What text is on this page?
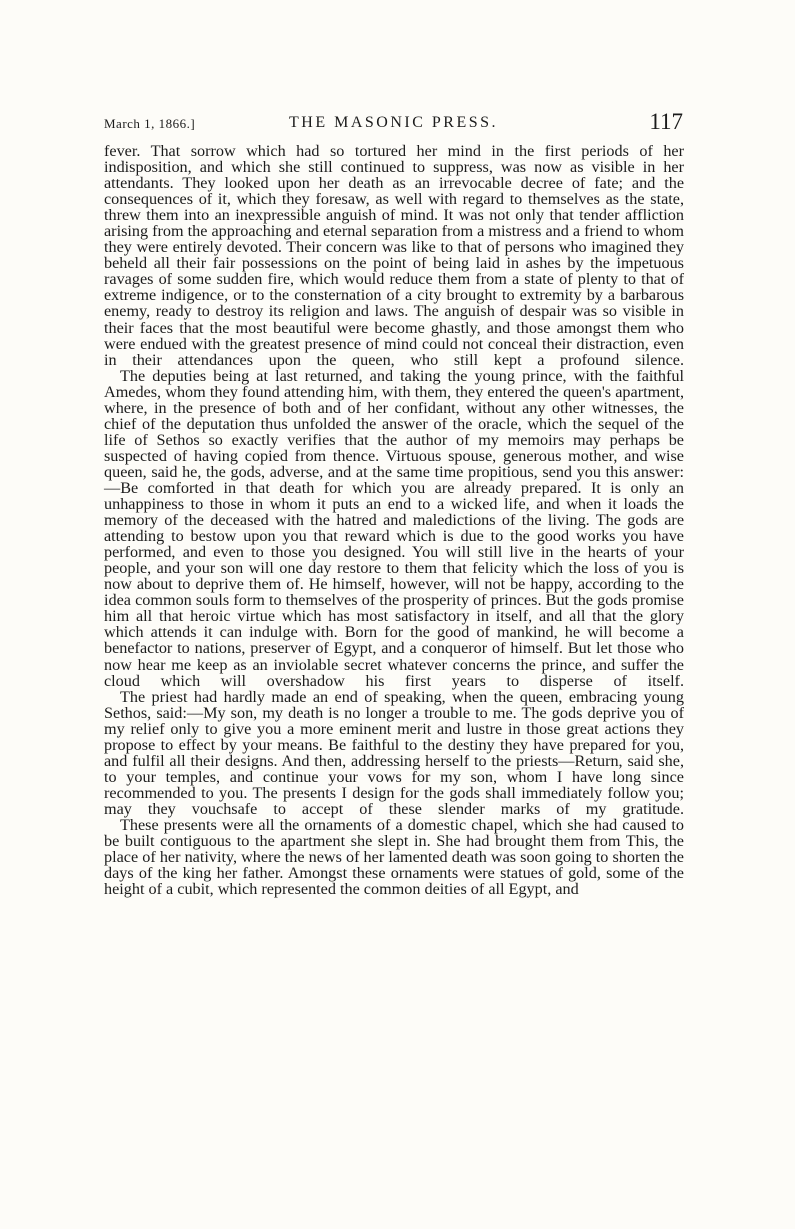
March 1, 1866.]	THE MASONIC PRESS.	117

fever. That sorrow which had so tortured her mind in the first periods of her indisposition, and which she still continued to suppress, was now as visible in her attendants. They looked upon her death as an irrevocable decree of fate; and the consequences of it, which they foresaw, as well with regard to themselves as the state, threw them into an inexpressible anguish of mind. It was not only that tender affliction arising from the approaching and eternal separation from a mistress and a friend to whom they were entirely devoted. Their concern was like to that of persons who imagined they beheld all their fair possessions on the point of being laid in ashes by the impetuous ravages of some sudden fire, which would reduce them from a state of plenty to that of extreme indigence, or to the consternation of a city brought to extremity by a barbarous enemy, ready to destroy its religion and laws. The anguish of despair was so visible in their faces that the most beautiful were become ghastly, and those amongst them who were endued with the greatest presence of mind could not conceal their distraction, even in their attendances upon the queen, who still kept a profound silence.

The deputies being at last returned, and taking the young prince, with the faithful Amedes, whom they found attending him, with them, they entered the queen's apartment, where, in the presence of both and of her confidant, without any other witnesses, the chief of the deputation thus unfolded the answer of the oracle, which the sequel of the life of Sethos so exactly verifies that the author of my memoirs may perhaps be suspected of having copied from thence. Virtuous spouse, generous mother, and wise queen, said he, the gods, adverse, and at the same time propitious, send you this answer:—Be comforted in that death for which you are already prepared. It is only an unhappiness to those in whom it puts an end to a wicked life, and when it loads the memory of the deceased with the hatred and maledictions of the living. The gods are attending to bestow upon you that reward which is due to the good works you have performed, and even to those you designed. You will still live in the hearts of your people, and your son will one day restore to them that felicity which the loss of you is now about to deprive them of. He himself, however, will not be happy, according to the idea common souls form to themselves of the prosperity of princes. But the gods promise him all that heroic virtue which has most satisfactory in itself, and all that the glory which attends it can indulge with. Born for the good of mankind, he will become a benefactor to nations, preserver of Egypt, and a conqueror of himself. But let those who now hear me keep as an inviolable secret whatever concerns the prince, and suffer the cloud which will overshadow his first years to disperse of itself.

The priest had hardly made an end of speaking, when the queen, embracing young Sethos, said:—My son, my death is no longer a trouble to me. The gods deprive you of my relief only to give you a more eminent merit and lustre in those great actions they propose to effect by your means. Be faithful to the destiny they have prepared for you, and fulfil all their designs. And then, addressing herself to the priests—Return, said she, to your temples, and continue your vows for my son, whom I have long since recommended to you. The presents I design for the gods shall immediately follow you; may they vouchsafe to accept of these slender marks of my gratitude.

These presents were all the ornaments of a domestic chapel, which she had caused to be built contiguous to the apartment she slept in. She had brought them from This, the place of her nativity, where the news of her lamented death was soon going to shorten the days of the king her father. Amongst these ornaments were statues of gold, some of the height of a cubit, which represented the common deities of all Egypt, and
